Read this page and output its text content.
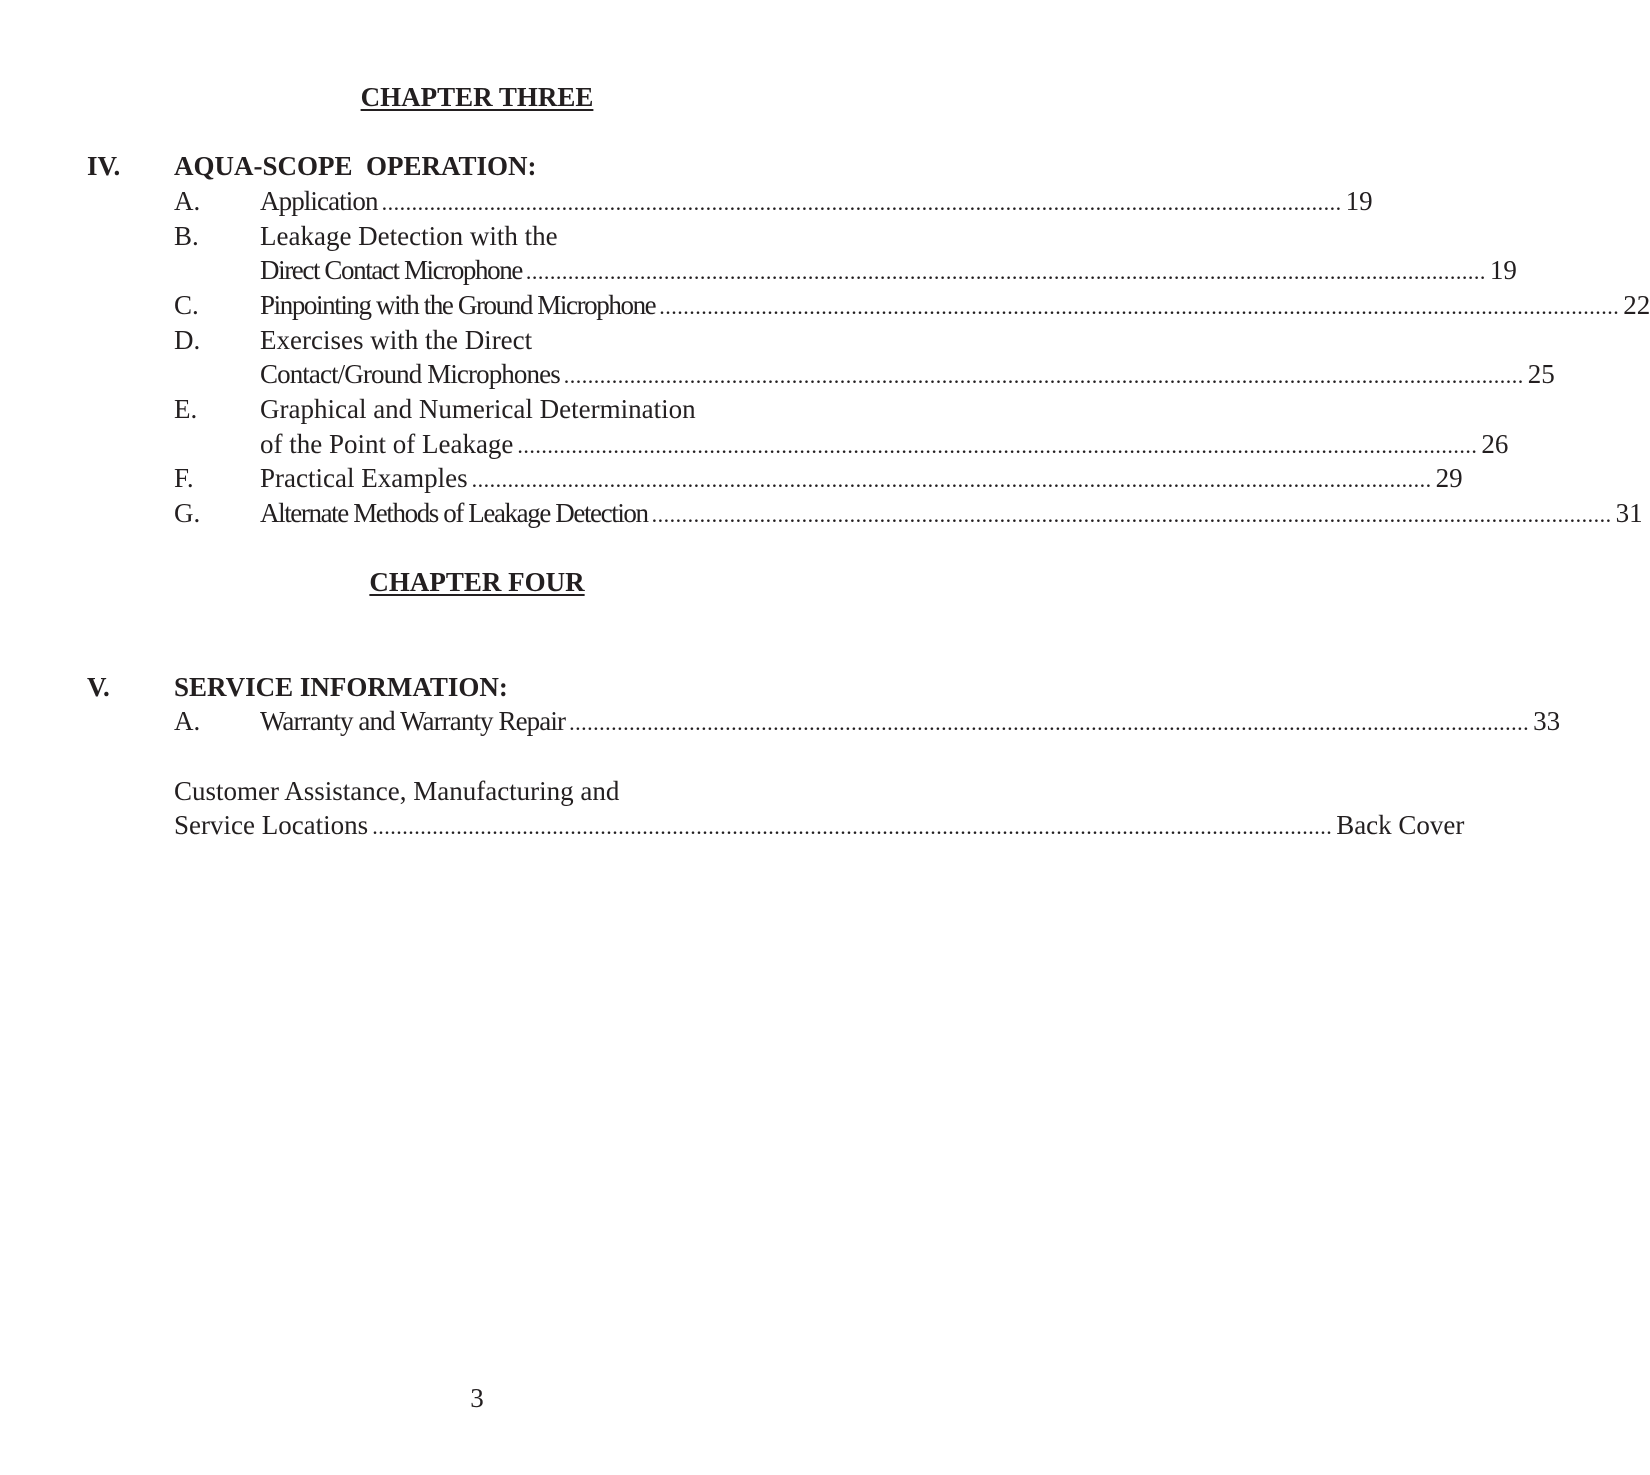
CHAPTER THREE
IV. AQUA-SCOPE  OPERATION:
A. Application ................................................................................................................................................................ 19
B. Leakage Detection with the
Direct Contact Microphone ................................................................................................................................................................ 19
C. Pinpointing with the Ground Microphone ................................................................................................................................................................ 22
D. Exercises with the Direct
Contact/Ground Microphones ................................................................................................................................................................ 25
E. Graphical and Numerical Determination
of the Point of Leakage ................................................................................................................................................................ 26
F. Practical Examples ................................................................................................................................................................ 29
G. Alternate Methods of Leakage Detection ................................................................................................................................................................ 31
CHAPTER FOUR
V. SERVICE INFORMATION:
A. Warranty and Warranty Repair ................................................................................................................................................................ 33
Customer Assistance, Manufacturing and
Service Locations ................................................................................................................................................................ Back Cover
3
